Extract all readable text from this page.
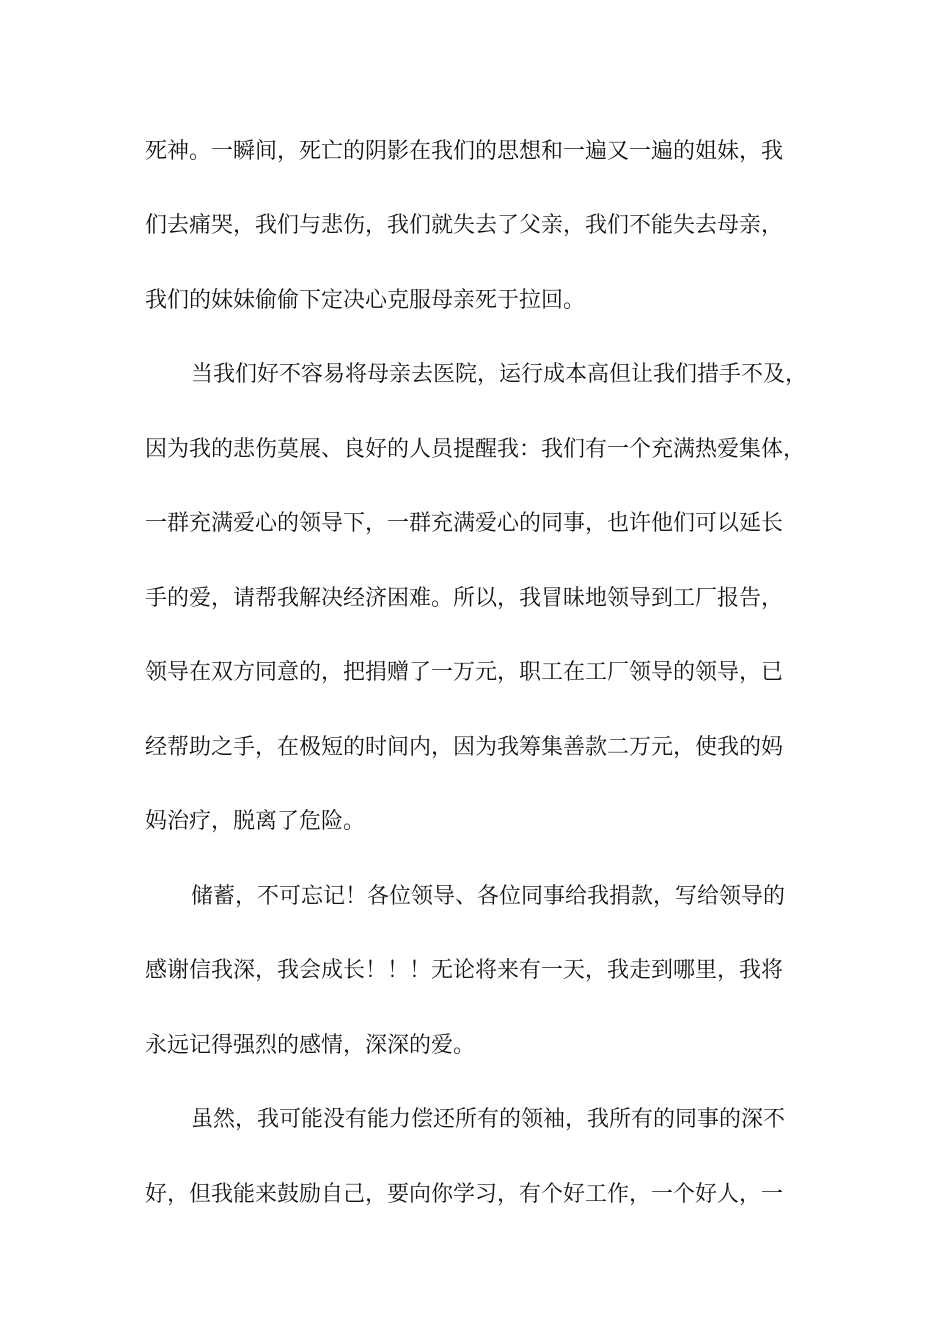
死神。一瞬间，死亡的阴影在我们的思想和一遍又一遍的姐妹，我
们去痛哭，我们与悲伤，我们就失去了父亲，我们不能失去母亲，
我们的妹妹偷偷下定决心克服母亲死于拉回。
当我们好不容易将母亲去医院，运行成本高但让我们措手不及，
因为我的悲伤莫展、良好的人员提醒我：我们有一个充满热爱集体，
一群充满爱心的领导下，一群充满爱心的同事，也许他们可以延长
手的爱，请帮我解决经济困难。所以，我冒昧地领导到工厂报告，
领导在双方同意的，把捐赠了一万元，职工在工厂领导的领导，已
经帮助之手，在极短的时间内，因为我筹集善款二万元，使我的妈
妈治疗，脱离了危险。
储蓄，不可忘记！各位领导、各位同事给我捐款，写给领导的
感谢信我深，我会成长！！！无论将来有一天，我走到哪里，我将
永远记得强烈的感情，深深的爱。
虽然，我可能没有能力偿还所有的领袖，我所有的同事的深不
好，但我能来鼓励自己，要向你学习，有个好工作，一个好人，一
